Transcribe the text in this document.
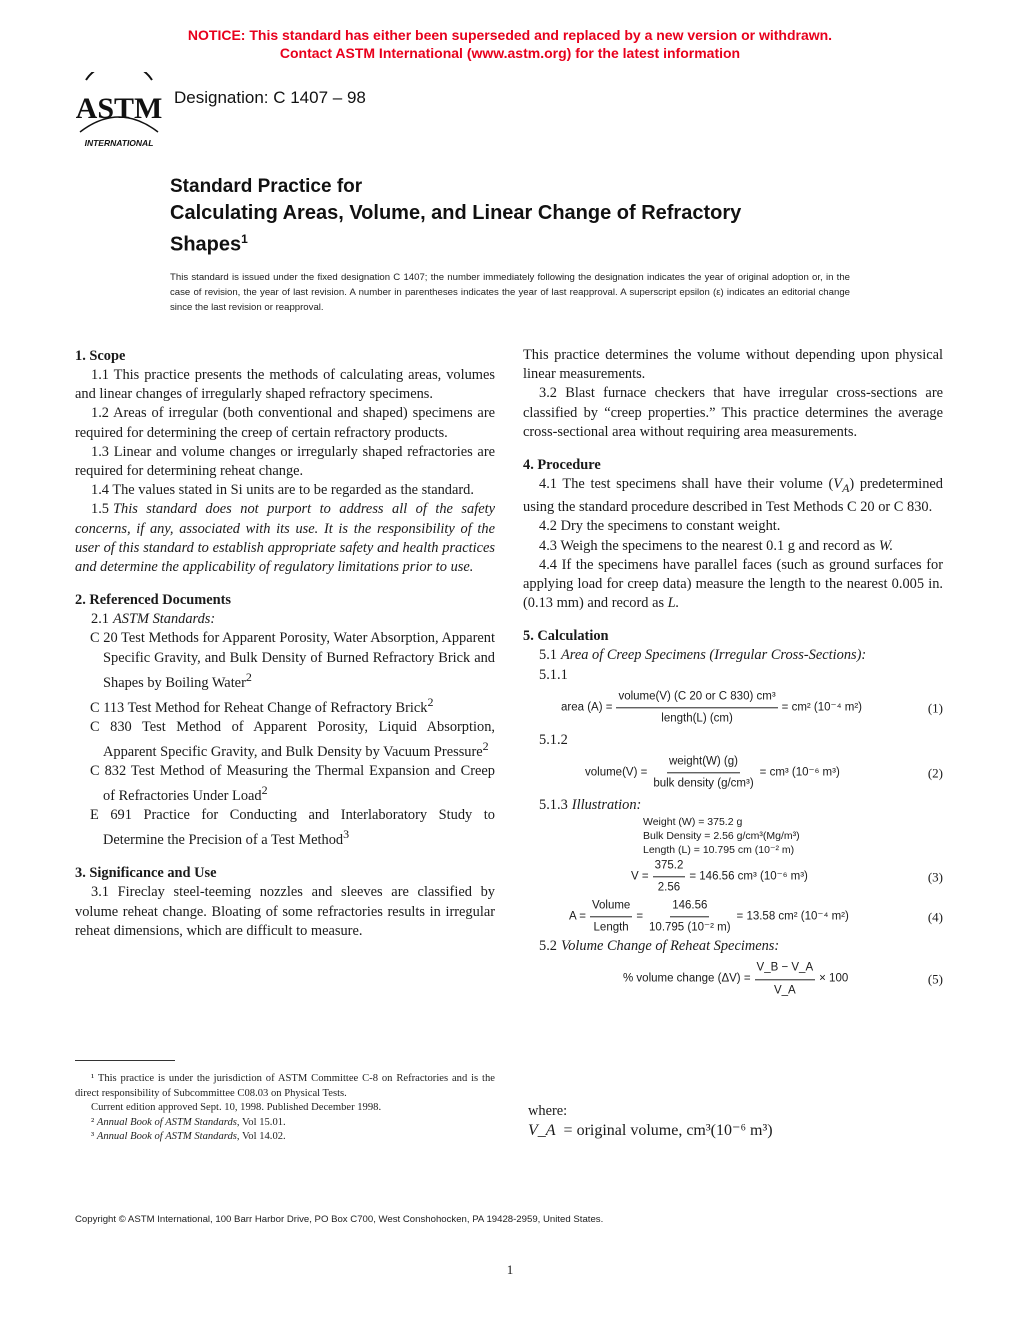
NOTICE: This standard has either been superseded and replaced by a new version or withdrawn.
Contact ASTM International (www.astm.org) for the latest information
ASTM
INTERNATIONAL
Designation: C 1407 – 98
Standard Practice for
Calculating Areas, Volume, and Linear Change of Refractory
Shapes$^1$
This standard is issued under the fixed designation C 1407; the number immediately following the designation indicates the year of original adoption or, in the case of revision, the year of last revision. A number in parentheses indicates the year of last reapproval. A superscript epsilon (ε) indicates an editorial change since the last revision or reapproval.
1. Scope

1.1 This practice presents the methods of calculating areas, volumes and linear changes of irregularly shaped refractory specimens.

1.2 Areas of irregular (both conventional and shaped) specimens are required for determining the creep of certain refractory products.

1.3 Linear and volume changes or irregularly shaped refractories are required for determining reheat change.

1.4 The values stated in Si units are to be regarded as the standard.

1.5 This standard does not purport to address all of the safety concerns, if any, associated with its use. It is the responsibility of the user of this standard to establish appropriate safety and health practices and determine the applicability of regulatory limitations prior to use.

2. Referenced Documents

2.1 ASTM Standards:

C 20 Test Methods for Apparent Porosity, Water Absorption, Apparent Specific Gravity, and Bulk Density of Burned Refractory Brick and Shapes by Boiling Water$^2$

C 113 Test Method for Reheat Change of Refractory Brick$^2$

C 830 Test Method of Apparent Porosity, Liquid Absorption, Apparent Specific Gravity, and Bulk Density by Vacuum Pressure$^2$

C 832 Test Method of Measuring the Thermal Expansion and Creep of Refractories Under Load$^2$

E 691 Practice for Conducting and Interlaboratory Study to Determine the Precision of a Test Method$^3$

3. Significance and Use

3.1 Fireclay steel-teeming nozzles and sleeves are classified by volume reheat change. Bloating of some refractories results in irregular reheat dimensions, which are difficult to measure.

This practice determines the volume without depending upon physical linear measurements.

3.2 Blast furnace checkers that have irregular cross-sections are classified by “creep properties.” This practice determines the average cross-sectional area without requiring area measurements.

4. Procedure

4.1 The test specimens shall have their volume $(V_A)$ predetermined using the standard procedure described in Test Methods C 20 or C 830.

4.2 Dry the specimens to constant weight.

4.3 Weigh the specimens to the nearest 0.1 g and record as W.

4.4 If the specimens have parallel faces (such as ground surfaces for applying load for creep data) measure the length to the nearest 0.005 in. (0.13 mm) and record as L.

5. Calculation

5.1 Area of Creep Specimens (Irregular Cross-Sections):

5.1.1

area $(A) = \frac{\text{volume(V) (C 20 or C 830) cm³}}{\text{length(L) (cm)}} = cm^2$ (10⁻⁴ m²)	(1)

5.1.2

volume(V) = $\frac{\text{weight(W) (g)}}{\text{bulk density (g/cm³)}} = cm^3$ (10⁻⁶ m³)	(2)

5.1.3 Illustration:

Weight (W) = 375.2 g
Bulk Density = 2.56 g/cm³(Mg/m³)
Length (L) = 10.795 cm (10⁻² m)
$V = \frac{375.2}{2.56} = 146.56$ cm³ (10⁻⁶ m³)	(3)
$A = \frac{\text{Volume}}{\text{Length}} = \frac{146.56}{\text{10.795 (10⁻² m)}} = 13.58$ cm² (10⁻⁴ m²)	(4)

5.2 Volume Change of Reheat Specimens:

% volume change $(\Delta V) = \frac{V\_B - V\_A}{V\_A} \times 100$	(5)
where:
V_A = original volume, cm³(10⁻⁶ m³)

¹ This practice is under the jurisdiction of ASTM Committee C-8 on Refractories and is the direct responsibility of Subcommittee C08.03 on Physical Tests.

Current edition approved Sept. 10, 1998. Published December 1998.

² Annual Book of ASTM Standards, Vol 15.01.

³ Annual Book of ASTM Standards, Vol 14.02.

Copyright © ASTM International, 100 Barr Harbor Drive, PO Box C700, West Conshohocken, PA 19428-2959, United States.
1
